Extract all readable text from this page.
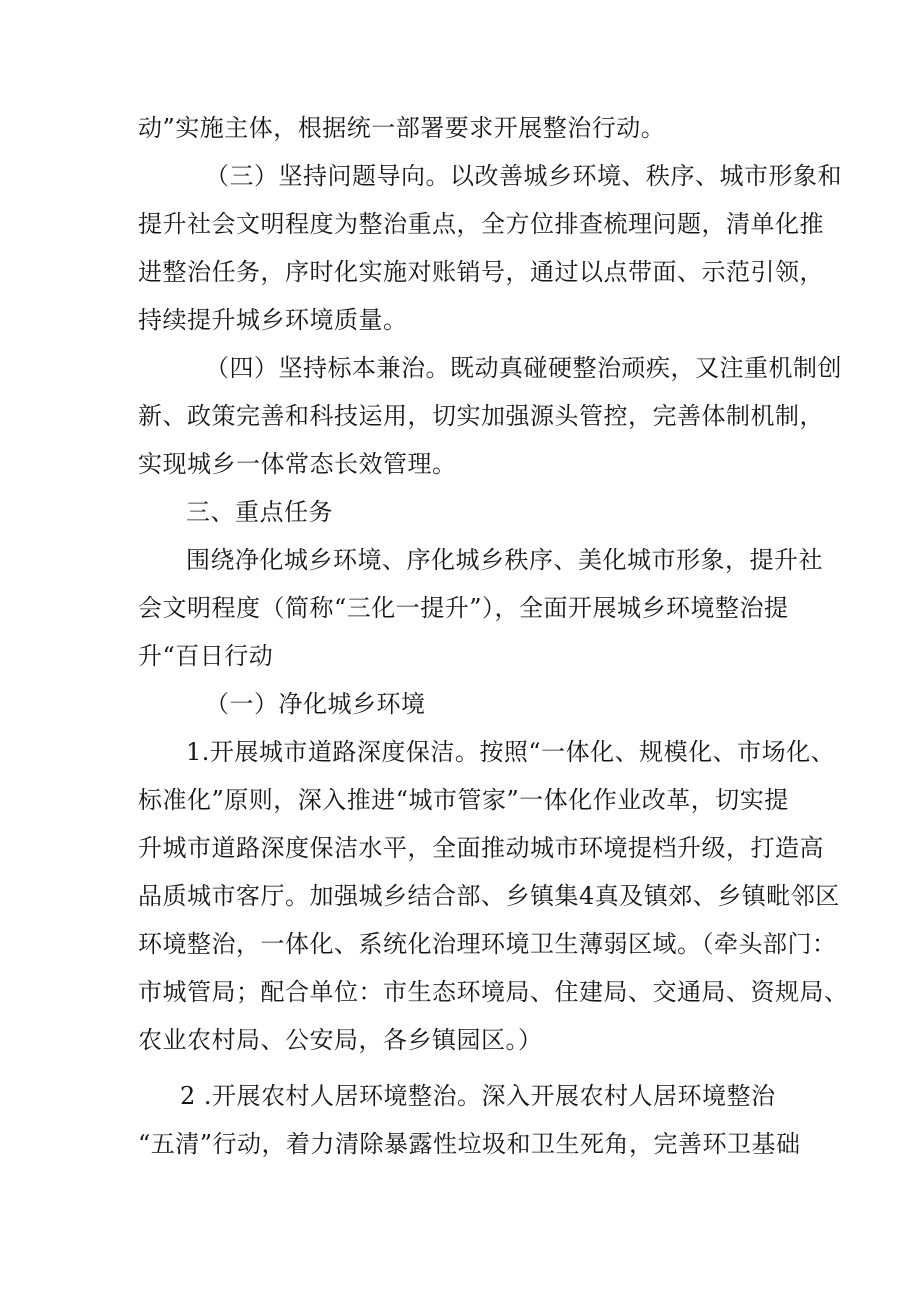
动”实施主体，根据统一部署要求开展整治行动。
（三）坚持问题导向。以改善城乡环境、秩序、城市形象和
提升社会文明程度为整治重点，全方位排查梳理问题，清单化推
进整治任务，序时化实施对账销号，通过以点带面、示范引领，
持续提升城乡环境质量。
（四）坚持标本兼治。既动真碰硬整治顽疾，又注重机制创
新、政策完善和科技运用，切实加强源头管控，完善体制机制，
实现城乡一体常态长效管理。
三、重点任务
围绕净化城乡环境、序化城乡秩序、美化城市形象，提升社
会文明程度（简称“三化一提升”），全面开展城乡环境整治提
升“百日行动
（一）净化城乡环境
1.开展城市道路深度保洁。按照“一体化、规模化、市场化、
标准化”原则，深入推进“城市管家”一体化作业改革，切实提
升城市道路深度保洁水平，全面推动城市环境提档升级，打造高
品质城市客厅。加强城乡结合部、乡镇集4真及镇郊、乡镇毗邻区
环境整治，一体化、系统化治理环境卫生薄弱区域。（牵头部门：
市城管局；配合单位：市生态环境局、住建局、交通局、资规局、
农业农村局、公安局，各乡镇园区。）
2 .开展农村人居环境整治。深入开展农村人居环境整治
“五清”行动，着力清除暴露性垃圾和卫生死角，完善环卫基础
